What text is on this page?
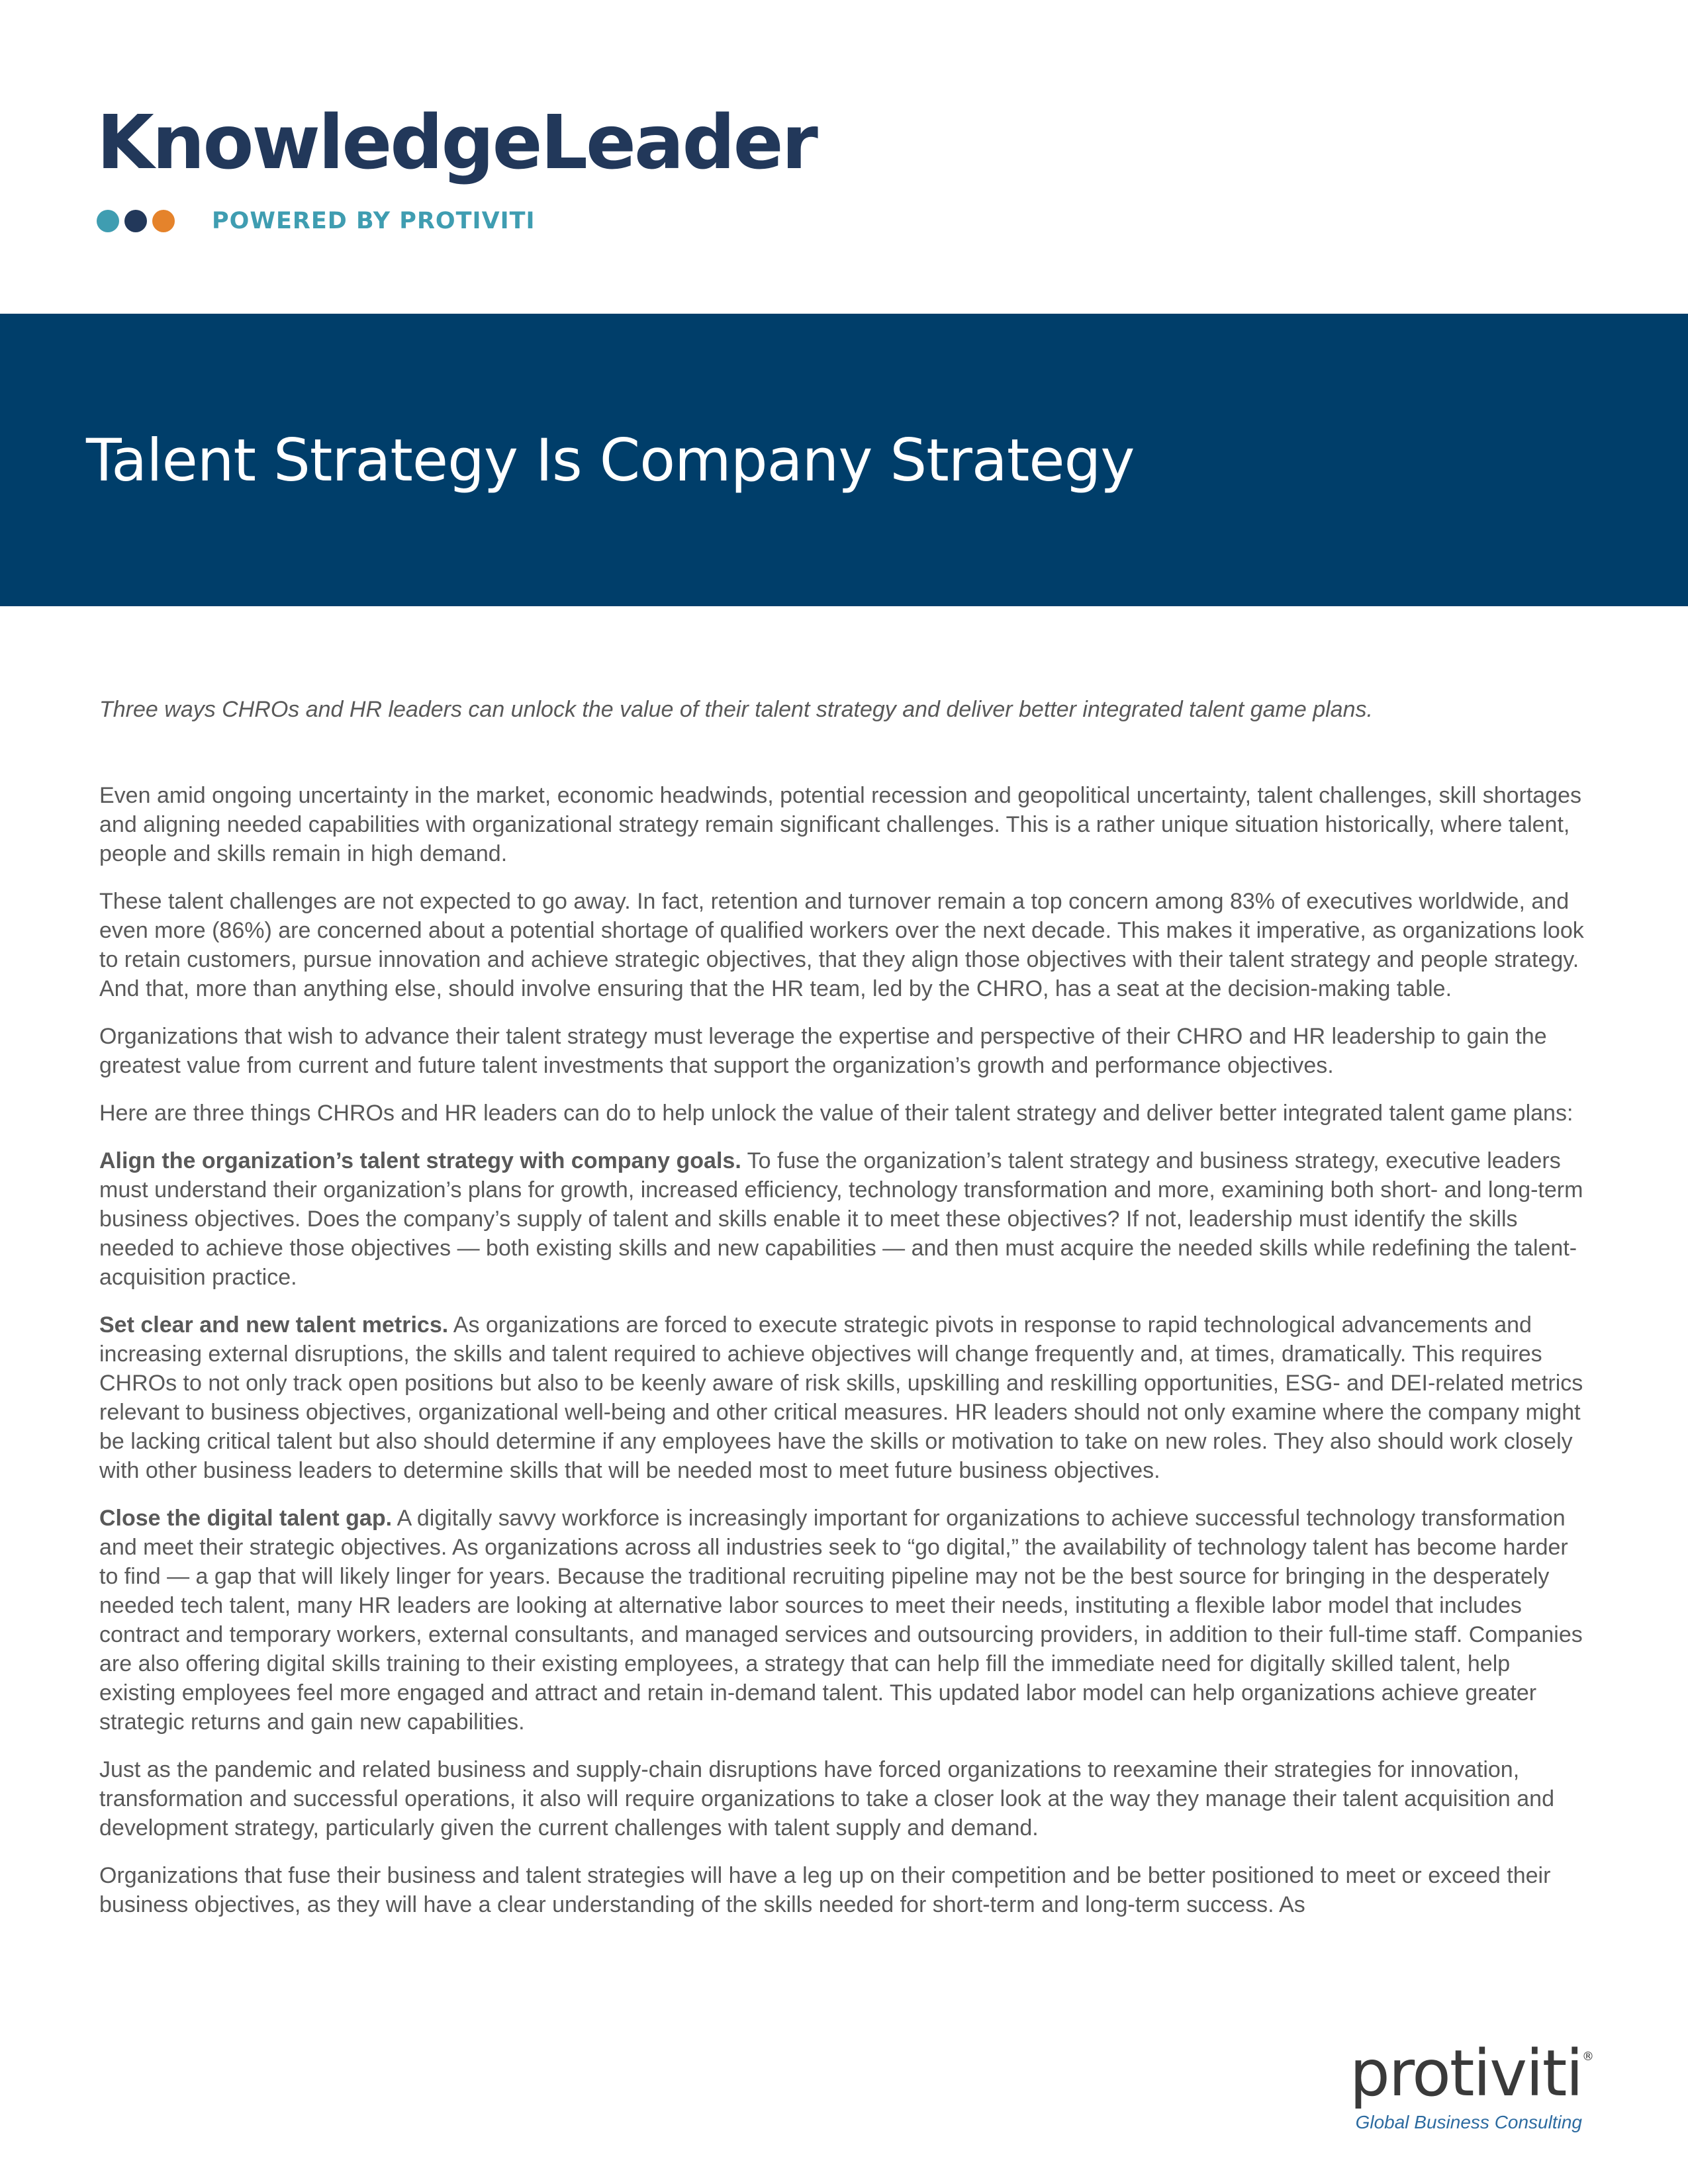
KnowledgeLeader
POWERED BY PROTIVITI
Talent Strategy Is Company Strategy

Three ways CHROs and HR leaders can unlock the value of their talent strategy and deliver better integrated talent game plans.

Even amid ongoing uncertainty in the market, economic headwinds, potential recession and geopolitical uncertainty, talent challenges, skill shortages and aligning needed capabilities with organizational strategy remain significant challenges. This is a rather unique situation historically, where talent, people and skills remain in high demand.

These talent challenges are not expected to go away. In fact, retention and turnover remain a top concern among 83% of executives worldwide, and even more (86%) are concerned about a potential shortage of qualified workers over the next decade. This makes it imperative, as organizations look to retain customers, pursue innovation and achieve strategic objectives, that they align those objectives with their talent strategy and people strategy. And that, more than anything else, should involve ensuring that the HR team, led by the CHRO, has a seat at the decision-making table.

Organizations that wish to advance their talent strategy must leverage the expertise and perspective of their CHRO and HR leadership to gain the greatest value from current and future talent investments that support the organization’s growth and performance objectives.

Here are three things CHROs and HR leaders can do to help unlock the value of their talent strategy and deliver better integrated talent game plans:

Align the organization’s talent strategy with company goals. To fuse the organization’s talent strategy and business strategy, executive leaders must understand their organization’s plans for growth, increased efficiency, technology transformation and more, examining both short- and long-term business objectives. Does the company’s supply of talent and skills enable it to meet these objectives? If not, leadership must identify the skills needed to achieve those objectives — both existing skills and new capabilities — and then must acquire the needed skills while redefining the talent-acquisition practice.

Set clear and new talent metrics. As organizations are forced to execute strategic pivots in response to rapid technological advancements and increasing external disruptions, the skills and talent required to achieve objectives will change frequently and, at times, dramatically. This requires CHROs to not only track open positions but also to be keenly aware of risk skills, upskilling and reskilling opportunities, ESG- and DEI-related metrics relevant to business objectives, organizational well-being and other critical measures. HR leaders should not only examine where the company might be lacking critical talent but also should determine if any employees have the skills or motivation to take on new roles. They also should work closely with other business leaders to determine skills that will be needed most to meet future business objectives.

Close the digital talent gap. A digitally savvy workforce is increasingly important for organizations to achieve successful technology transformation and meet their strategic objectives. As organizations across all industries seek to “go digital,” the availability of technology talent has become harder to find — a gap that will likely linger for years. Because the traditional recruiting pipeline may not be the best source for bringing in the desperately needed tech talent, many HR leaders are looking at alternative labor sources to meet their needs, instituting a flexible labor model that includes contract and temporary workers, external consultants, and managed services and outsourcing providers, in addition to their full-time staff. Companies are also offering digital skills training to their existing employees, a strategy that can help fill the immediate need for digitally skilled talent, help existing employees feel more engaged and attract and retain in-demand talent. This updated labor model can help organizations achieve greater strategic returns and gain new capabilities.

Just as the pandemic and related business and supply-chain disruptions have forced organizations to reexamine their strategies for innovation, transformation and successful operations, it also will require organizations to take a closer look at the way they manage their talent acquisition and development strategy, particularly given the current challenges with talent supply and demand.

Organizations that fuse their business and talent strategies will have a leg up on their competition and be better positioned to meet or exceed their business objectives, as they will have a clear understanding of the skills needed for short-term and long-term success. As

protiviti ®
Global Business Consulting
